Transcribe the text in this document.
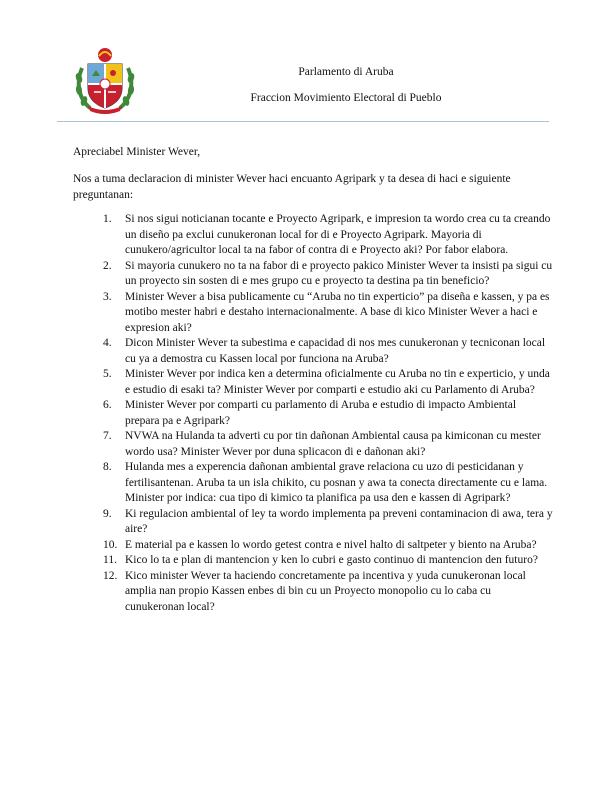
Parlamento di Aruba
Fraccion Movimiento Electoral di Pueblo
Apreciabel Minister Wever,
Nos a tuma declaracion di minister Wever haci encuanto Agripark y ta desea di haci e siguiente preguntanan:
1.	Si nos sigui noticianan tocante e Proyecto Agripark, e impresion ta wordo crea cu ta creando un diseño pa exclui cunukeronan local for di e Proyecto Agripark. Mayoria di cunukero/agricultor local ta na fabor of contra di e Proyecto aki? Por fabor elabora.
2.	Si mayoria cunukero no ta na fabor di e proyecto pakico Minister Wever ta insisti pa sigui cu un proyecto sin sosten di e mes grupo cu e proyecto ta destina pa tin beneficio?
3.	Minister Wever a bisa publicamente cu “Aruba no tin experticio” pa diseña e kassen, y pa es motibo mester habri e destaho internacionalmente. A base di kico Minister Wever a haci e expresion aki?
4.	Dicon Minister Wever ta subestima e capacidad di nos mes cunukeronan y tecniconan local cu ya a demostra cu Kassen local por funciona na Aruba?
5.	Minister Wever por indica ken a determina oficialmente cu Aruba no tin e experticio, y unda e estudio di esaki ta? Minister Wever por comparti e estudio aki cu Parlamento di Aruba?
6.	Minister Wever por comparti cu parlamento di Aruba e estudio di impacto Ambiental prepara pa e Agripark?
7.	NVWA na Hulanda ta adverti cu por tin dañonan Ambiental causa pa kimiconan cu mester wordo usa? Minister Wever por duna splicacon di e dañonan aki?
8.	Hulanda mes a experencia dañonan ambiental grave relaciona cu uzo di pesticidanan y fertilisantenan. Aruba ta un isla chikito, cu posnan y awa ta conecta directamente cu e lama. Minister por indica: cua tipo di kimico ta planifica pa usa den e kassen di Agripark?
9.	Ki regulacion ambiental of ley ta wordo implementa pa preveni contaminacion di awa, tera y aire?
10. E material pa e kassen lo wordo getest contra e nivel halto di saltpeter y biento na Aruba?
11. Kico lo ta e plan di mantencion y ken lo cubri e gasto continuo di mantencion den futuro?
12. Kico minister Wever ta haciendo concretamente pa incentiva y yuda cunukeronan local amplia nan propio Kassen enbes di bin cu un Proyecto monopolio cu lo caba cu cunukeronan local?
